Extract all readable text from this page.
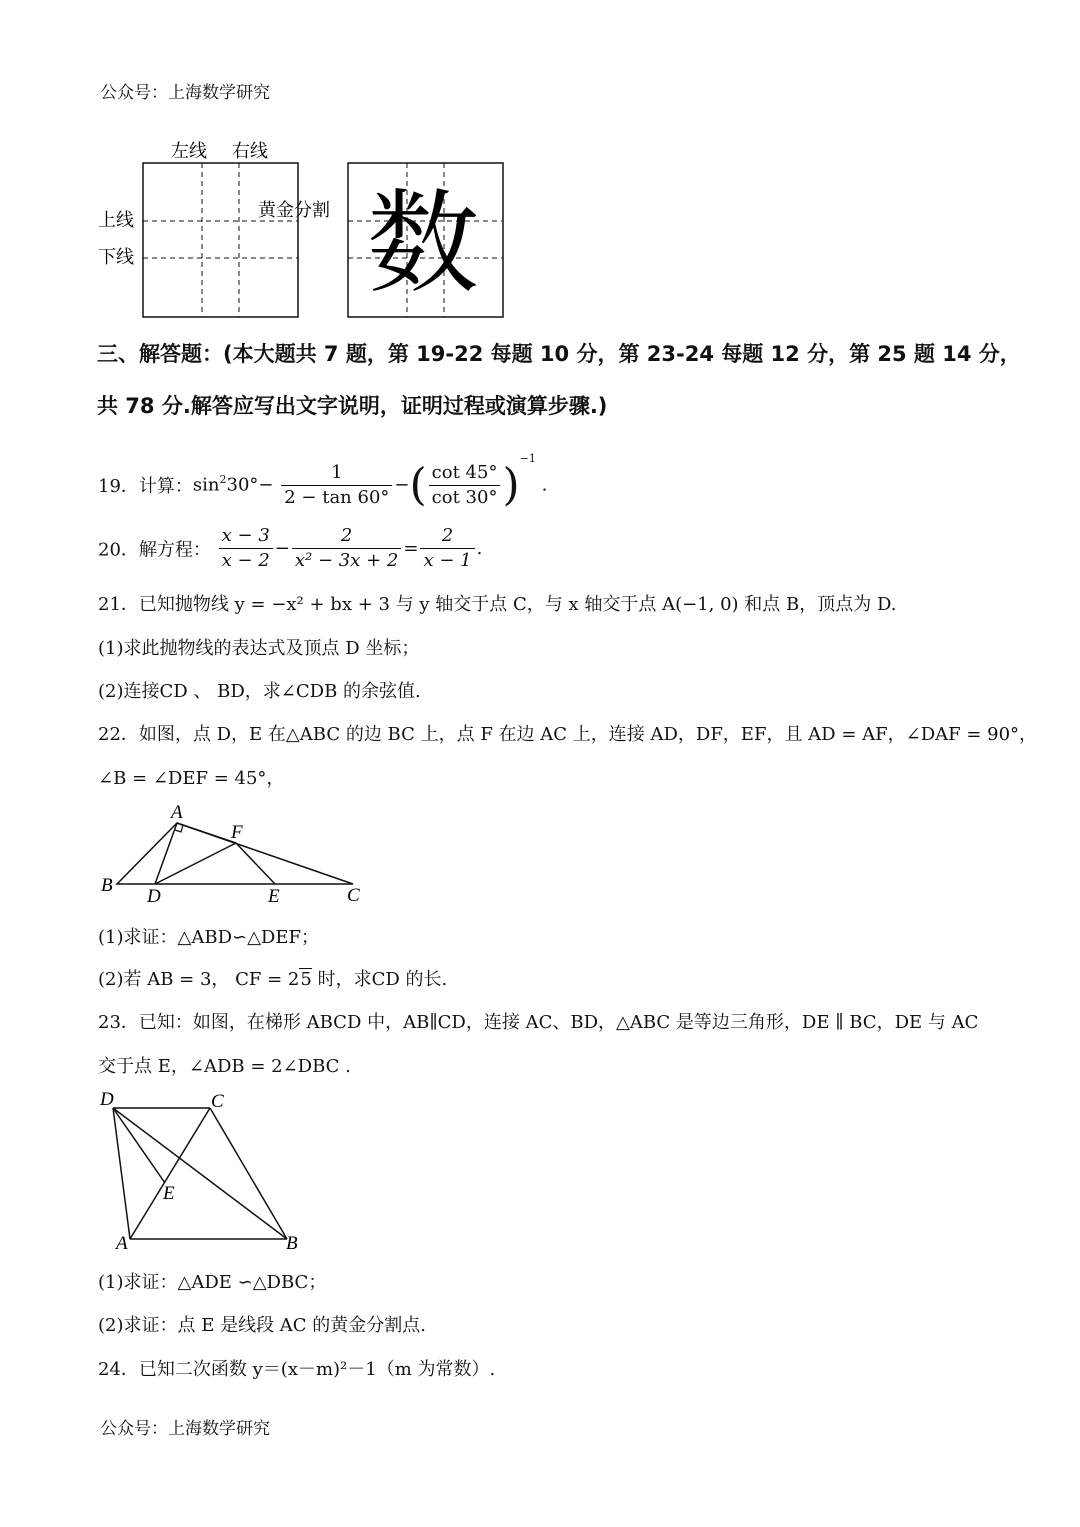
公众号：上海数学研究
左线 右线
上线
下线
黄金分割 数
三、解答题：(本大题共 7 题，第 19-22 每题 10 分，第 23-24 每题 12 分，第 25 题 14 分，
共 78 分.解答应写出文字说明，证明过程或演算步骤.)
19．计算：$\sin^230^\circ- \frac{1}{2 - \tan 60^\circ}$ −( $\frac{\cot 45^\circ}{\cot 30^\circ} )^{-1}$ .
20．解方程： $\frac{x - 3}{x - 2} - \frac{2}{\text{x² − 3x + 2}} = \frac{2}{x - 1}$ .
21．已知抛物线 y = −x² + bx + 3 与 y 轴交于点 C，与 x 轴交于点 A(−1, 0) 和点 B，顶点为 D.
(1)求此抛物线的表达式及顶点 D 坐标；
(2)连接CD 、 BD，求∠CDB 的余弦值.
22．如图，点 D，E 在△ABC 的边 BC 上，点 F 在边 AC 上，连接 AD，DF，EF，且 AD = AF，∠DAF = 90°，
∠B = ∠DEF = 45°，
A
B	C
D	E
F
(1)求证：△ABD∽△DEF；
(2)若 AB = 3， CF = 25 时，求CD 的长.
23．已知：如图，在梯形 ABCD 中，AB∥CD，连接 AC、BD，△ABC 是等边三角形，DE ∥ BC，DE 与 AC
交于点 E，∠ADB = 2∠DBC .
D	C
E
A	B
(1)求证：△ADE ∽△DBC；
(2)求证：点 E 是线段 AC 的黄金分割点.
24．已知二次函数 y＝(x－m)²－1（m 为常数）.
公众号：上海数学研究
